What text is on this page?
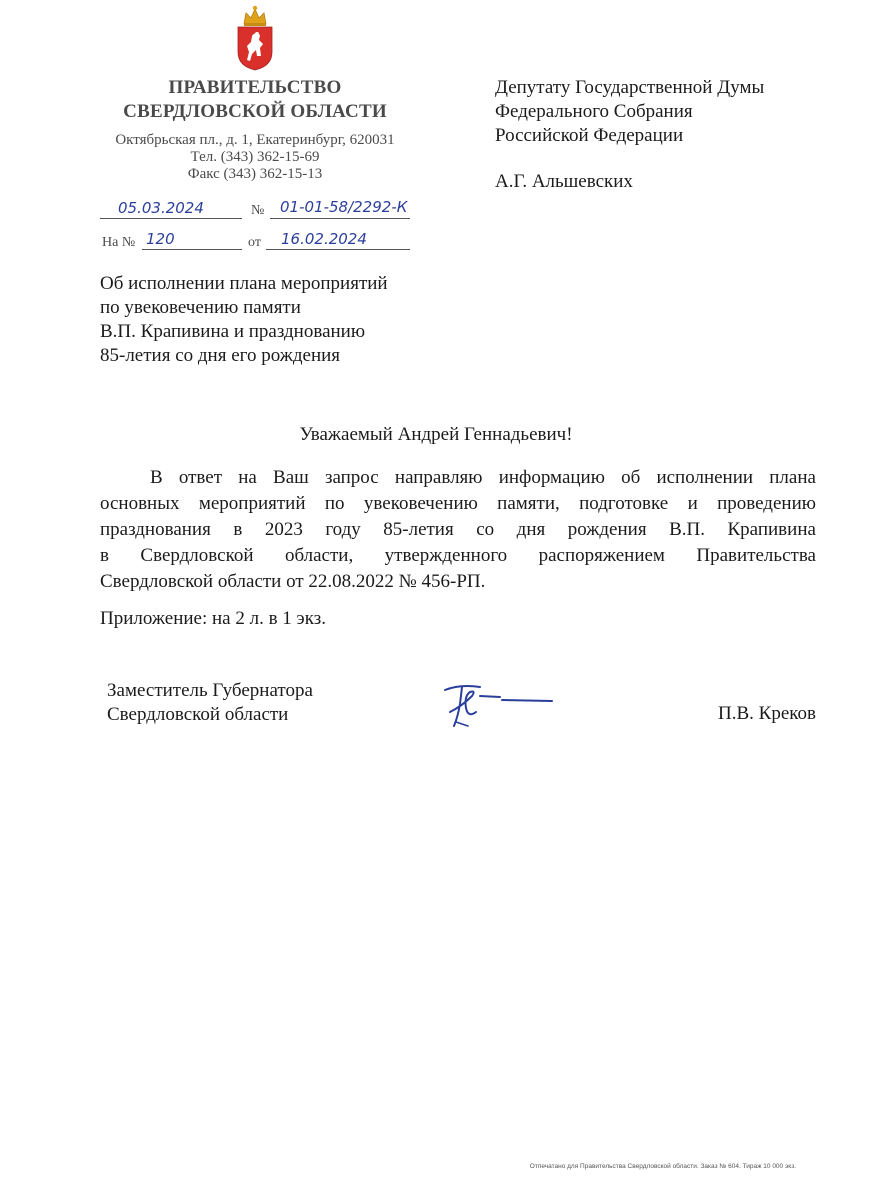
ПРАВИТЕЛЬСТВО
СВЕРДЛОВСКОЙ ОБЛАСТИ
Октябрьская пл., д. 1, Екатеринбург, 620031
Тел. (343) 362-15-69
Факс (343) 362-15-13
05.03.2024	№ 01-01-58/2292-К
На № 120	от 16.02.2024
Депутату Государственной Думы
Федерального Собрания
Российской Федерации
А.Г. Альшевских
Об исполнении плана мероприятий
по увековечению памяти
В.П. Крапивина и празднованию
85-летия со дня его рождения
Уважаемый Андрей Геннадьевич!
В ответ на Ваш запрос направляю информацию об исполнении плана
основных мероприятий по увековечению памяти, подготовке и проведению
празднования в 2023 году 85-летия со дня рождения В.П. Крапивина
в Свердловской области, утвержденного распоряжением Правительства
Свердловской области от 22.08.2022 № 456-РП.
Приложение: на 2 л. в 1 экз.
Заместитель Губернатора
Свердловской области	П.В. Креков
Отпечатано для Правительства Свердловской области. Заказ № 604. Тираж 10 000 экз.
